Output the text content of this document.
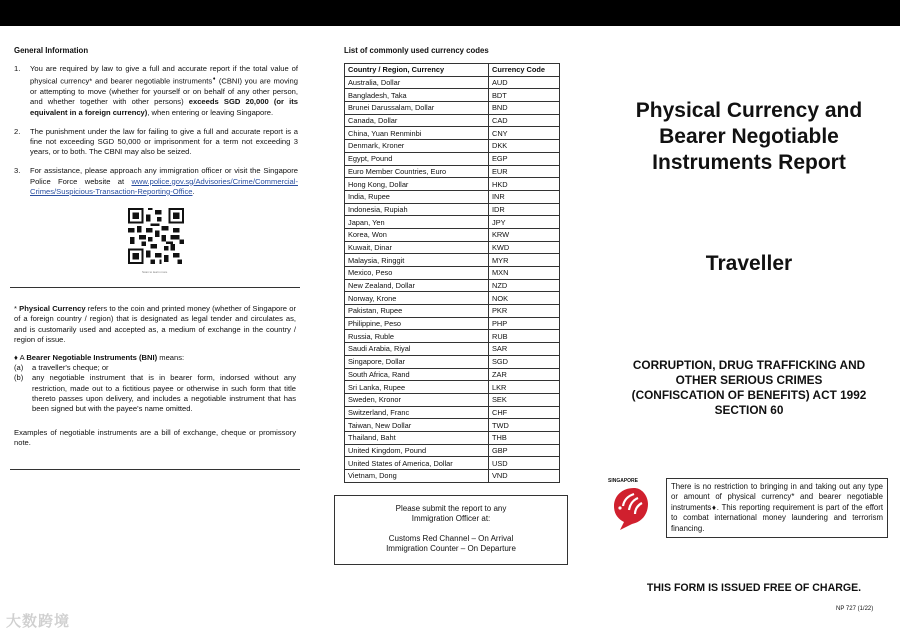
General Information
1.	You are required by law to give a full and accurate report if the total value of physical currency* and bearer negotiable instruments♦ (CBNI) you are moving or attempting to move (whether for yourself or on behalf of any other person, and whether together with other persons) exceeds SGD 20,000 (or its equivalent in a foreign currency), when entering or leaving Singapore.
2.	The punishment under the law for failing to give a full and accurate report is a fine not exceeding SGD 50,000 or imprisonment for a term not exceeding 3 years, or to both. The CBNI may also be seized.
3.	For assistance, please approach any immigration officer or visit the Singapore Police Force website at www.police.gov.sg/Advisories/Crime/Commercial-Crimes/Suspicious-Transaction-Reporting-Office.
Scan to learn more

* Physical Currency refers to the coin and printed money (whether of Singapore or of a foreign country / region) that is designated as legal tender and circulates as, and is customarily used and accepted as, a medium of exchange in the country / region of issue.

♦ A Bearer Negotiable Instruments (BNI) means:
(a)	a traveller's cheque; or
(b)	any negotiable instrument that is in bearer form, indorsed without any restriction, made out to a fictitious payee or otherwise in such form that title thereto passes upon delivery, and includes a negotiable instrument that has been signed but with the payee's name omitted.

Examples of negotiable instruments are a bill of exchange, cheque or promissory note.

List of commonly used currency codes
Country / Region, Currency	Currency Code
Australia, Dollar	AUD
Bangladesh, Taka	BDT
Brunei Darussalam, Dollar	BND
Canada, Dollar	CAD
China, Yuan Renminbi	CNY
Denmark, Kroner	DKK
Egypt, Pound	EGP
Euro Member Countries, Euro	EUR
Hong Kong, Dollar	HKD
India, Rupee	INR
Indonesia, Rupiah	IDR
Japan, Yen	JPY
Korea, Won	KRW
Kuwait, Dinar	KWD
Malaysia, Ringgit	MYR
Mexico, Peso	MXN
New Zealand, Dollar	NZD
Norway, Krone	NOK
Pakistan, Rupee	PKR
Philippine, Peso	PHP
Russia, Ruble	RUB
Saudi Arabia, Riyal	SAR
Singapore, Dollar	SGD
South Africa, Rand	ZAR
Sri Lanka, Rupee	LKR
Sweden, Kronor	SEK
Switzerland, Franc	CHF
Taiwan, New Dollar	TWD
Thailand, Baht	THB
United Kingdom, Pound	GBP
United States of America, Dollar	USD
Vietnam, Dong	VND
Please submit the report to any
Immigration Officer at:
Customs Red Channel – On Arrival
Immigration Counter – On Departure
Physical Currency and
Bearer Negotiable
Instruments Report
Traveller
CORRUPTION, DRUG TRAFFICKING AND
OTHER SERIOUS CRIMES
(CONFISCATION OF BENEFITS) ACT 1992
SECTION 60
SINGAPORE
There is no restriction to bringing in and taking out any type or amount of physical currency* and bearer negotiable instruments♦. This reporting requirement is part of the effort to combat international money laundering and terrorism financing.
THIS FORM IS ISSUED FREE OF CHARGE.
NP 727 (1/22)
大数跨境
